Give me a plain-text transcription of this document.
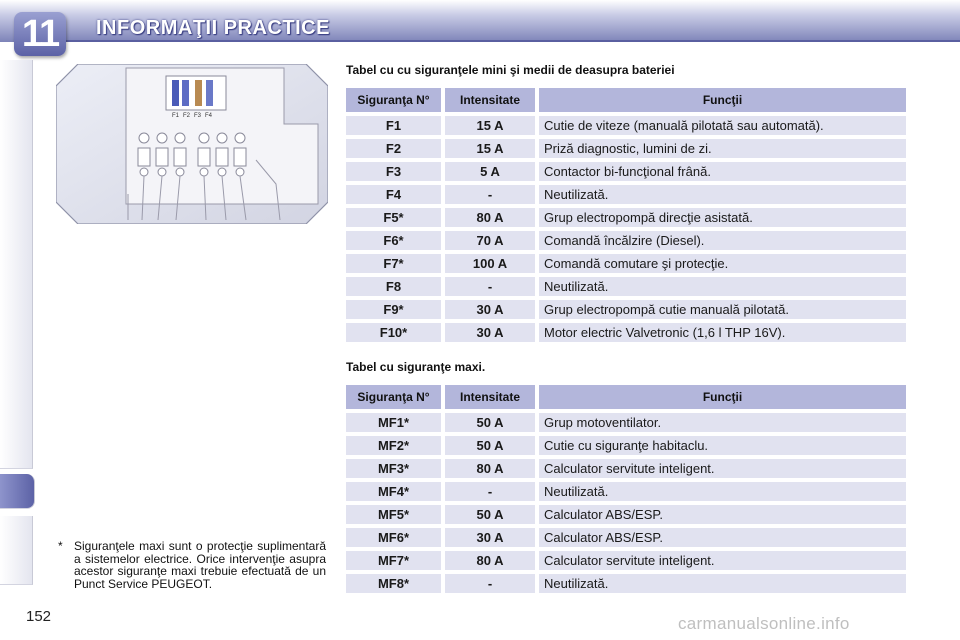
11	INFORMAŢII PRACTICE
F1 F2 F3 F4
Tabel cu cu siguranţele mini şi medii de deasupra bateriei
Siguranţa N°	Intensitate	Funcţii
F1	15 A	Cutie de viteze (manuală pilotată sau automată).
F2	15 A	Priză diagnostic, lumini de zi.
F3	5 A	Contactor bi-funcţional frână.
F4	-	Neutilizată.
F5*	80 A	Grup electropompă direcţie asistată.
F6*	70 A	Comandă încălzire (Diesel).
F7*	100 A	Comandă comutare şi protecţie.
F8	-	Neutilizată.
F9*	30 A	Grup electropompă cutie manuală pilotată.
F10*	30 A	Motor electric Valvetronic (1,6 l THP 16V).
Tabel cu siguranţe maxi.
Siguranţa N°	Intensitate	Funcţii
MF1*	50 A	Grup motoventilator.
MF2*	50 A	Cutie cu siguranţe habitaclu.
MF3*	80 A	Calculator servitute inteligent.
MF4*	-	Neutilizată.
MF5*	50 A	Calculator ABS/ESP.
MF6*	30 A	Calculator ABS/ESP.
MF7*	80 A	Calculator servitute inteligent.
MF8*	-	Neutilizată.
* Siguranţele maxi sunt o protecţie suplimentară a sistemelor electrice. Orice intervenţie asupra acestor siguranţe maxi trebuie efectuată de un Punct Service PEUGEOT.
152	carmanualsonline.info
